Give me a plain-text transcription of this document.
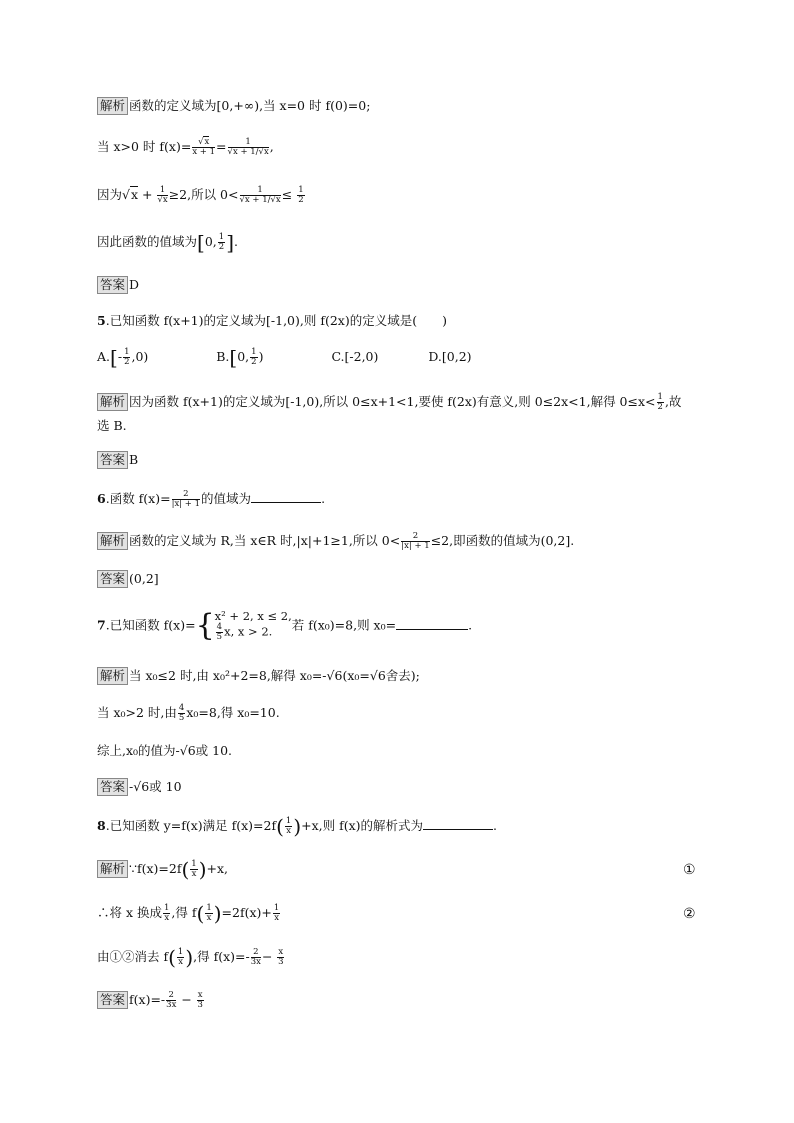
解析 函数的定义域为[0,+∞),当 x=0 时 f(0)=0;
当 x>0 时 $f(x)= \frac{√x}{x + 1} = \frac{1}{√x + 1/√x}$ ,
因为$√x + \frac{1}{√x} \ge 2$,所以 $0< \frac{1}{√x + 1/√x} \le \frac{1}{2}$
因此函数的值域为[0, $\frac{1}{2}$ ].
答案 D
5.已知函数 f(x+1)的定义域为[-1,0),则 f(2x)的定义域是(　　)
$A.[- \frac{1}{2} ,0)$	B.[0, $\frac{1}{2}$ )	C.[-2,0)	D.[0,2)
解析 因为函数 f(x+1)的定义域为[-1,0),所以 0≤x+1<1,要使 f(2x)有意义,则 0≤2x<1,解得 $0\le x< \frac{1}{2}$ ,故
选 B.
答案 B
6.函数 $f(x)= \frac{2}{|x| + 1}$ 的值域为	.
解析 函数的定义域为 R,当 x∈R 时,|x|+1≥1,所以 $0< \frac{2}{|x| + 1} \le 2$,即函数的值域为(0,2].
答案 (0,2]
7.已知函数 f(x)={ x² + 2, x ≤ 2,
$\frac{4}{5} x$, x > 2.	若 f(x₀)=8,则 x₀=	.
解析 当 x₀≤2 时,由 x₀²+2=8,解得 x₀=-√6(x₀=√6舍去);
当 x₀>2 时,由 $\frac{4}{5} x_0=8$,得 x₀=10.
综上,x₀的值为-√6或 10.
答案 -√6或 10
8.已知函数 y=f(x)满足 $f(x)=2f( \frac{1}{x} )+x$,则 f(x)的解析式为	.
解析 ∵f(x)=2f( $\frac{1}{x} )+x$,	①
∴将 x 换成 $\frac{1}{x}$ ,得 $f( \frac{1}{x} )=2f(x)+ \frac{1}{x}$	②
由①②消去 $f( \frac{1}{x}$ ),得 $f(x)=- \frac{2}{3x} - \frac{x}{3}$
答案 $f(x)=- \frac{2}{3x} - \frac{x}{3}$
